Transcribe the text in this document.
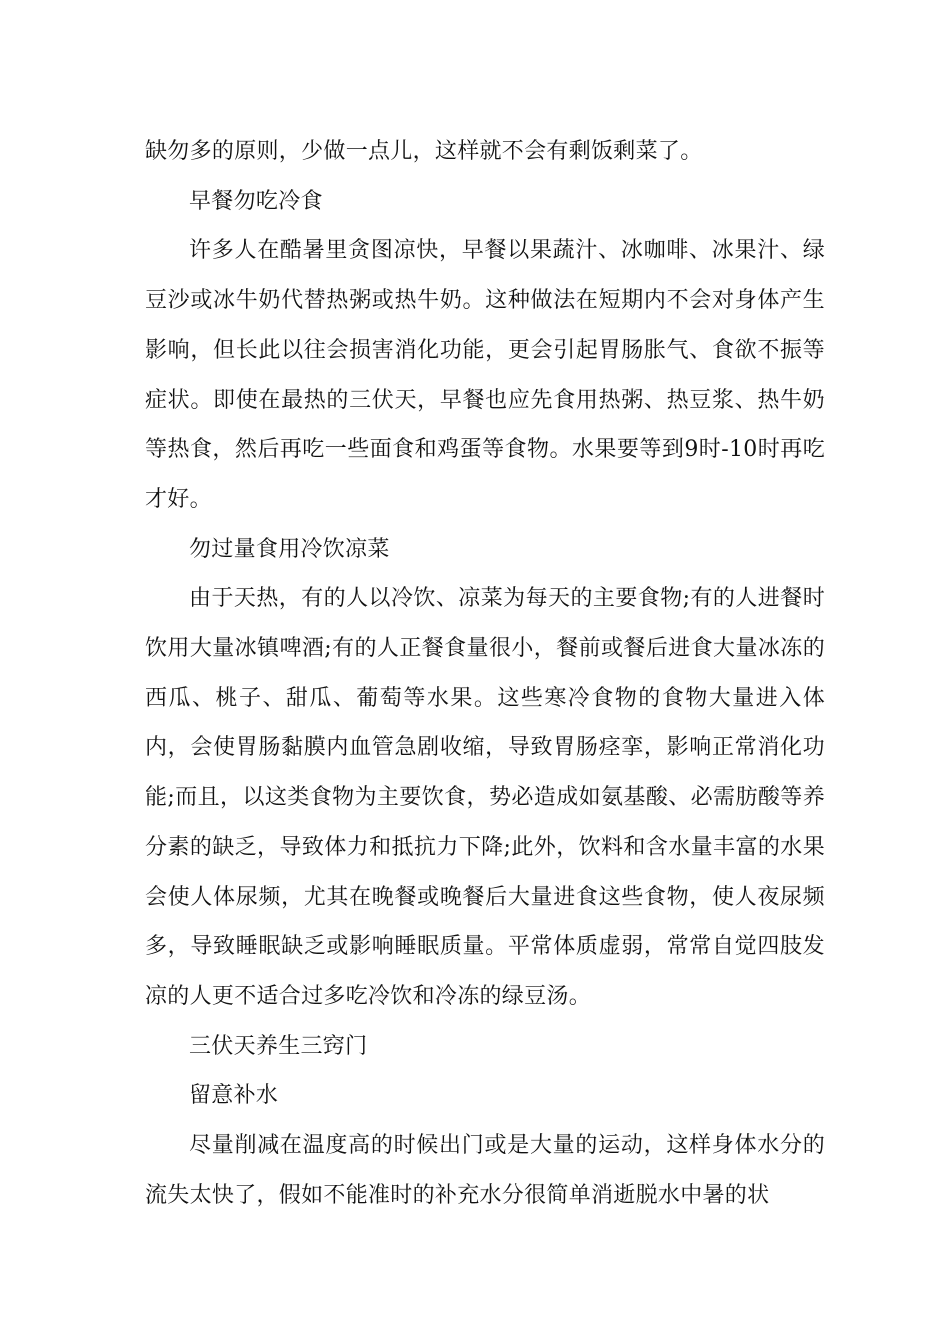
缺勿多的原则，少做一点儿，这样就不会有剩饭剩菜了。

早餐勿吃冷食

许多人在酷暑里贪图凉快，早餐以果蔬汁、冰咖啡、冰果汁、绿豆沙或冰牛奶代替热粥或热牛奶。这种做法在短期内不会对身体产生影响，但长此以往会损害消化功能，更会引起胃肠胀气、食欲不振等症状。即使在最热的三伏天，早餐也应先食用热粥、热豆浆、热牛奶等热食，然后再吃一些面食和鸡蛋等食物。水果要等到9时-10时再吃才好。

勿过量食用冷饮凉菜

由于天热，有的人以冷饮、凉菜为每天的主要食物;有的人进餐时饮用大量冰镇啤酒;有的人正餐食量很小，餐前或餐后进食大量冰冻的西瓜、桃子、甜瓜、葡萄等水果。这些寒冷食物的食物大量进入体内，会使胃肠黏膜内血管急剧收缩，导致胃肠痉挛，影响正常消化功能;而且，以这类食物为主要饮食，势必造成如氨基酸、必需肪酸等养分素的缺乏，导致体力和抵抗力下降;此外，饮料和含水量丰富的水果会使人体尿频，尤其在晚餐或晚餐后大量进食这些食物，使人夜尿频多，导致睡眠缺乏或影响睡眠质量。平常体质虚弱，常常自觉四肢发凉的人更不适合过多吃冷饮和冷冻的绿豆汤。

三伏天养生三窍门

留意补水

尽量削减在温度高的时候出门或是大量的运动，这样身体水分的流失太快了，假如不能准时的补充水分很简单消逝脱水中暑的状
